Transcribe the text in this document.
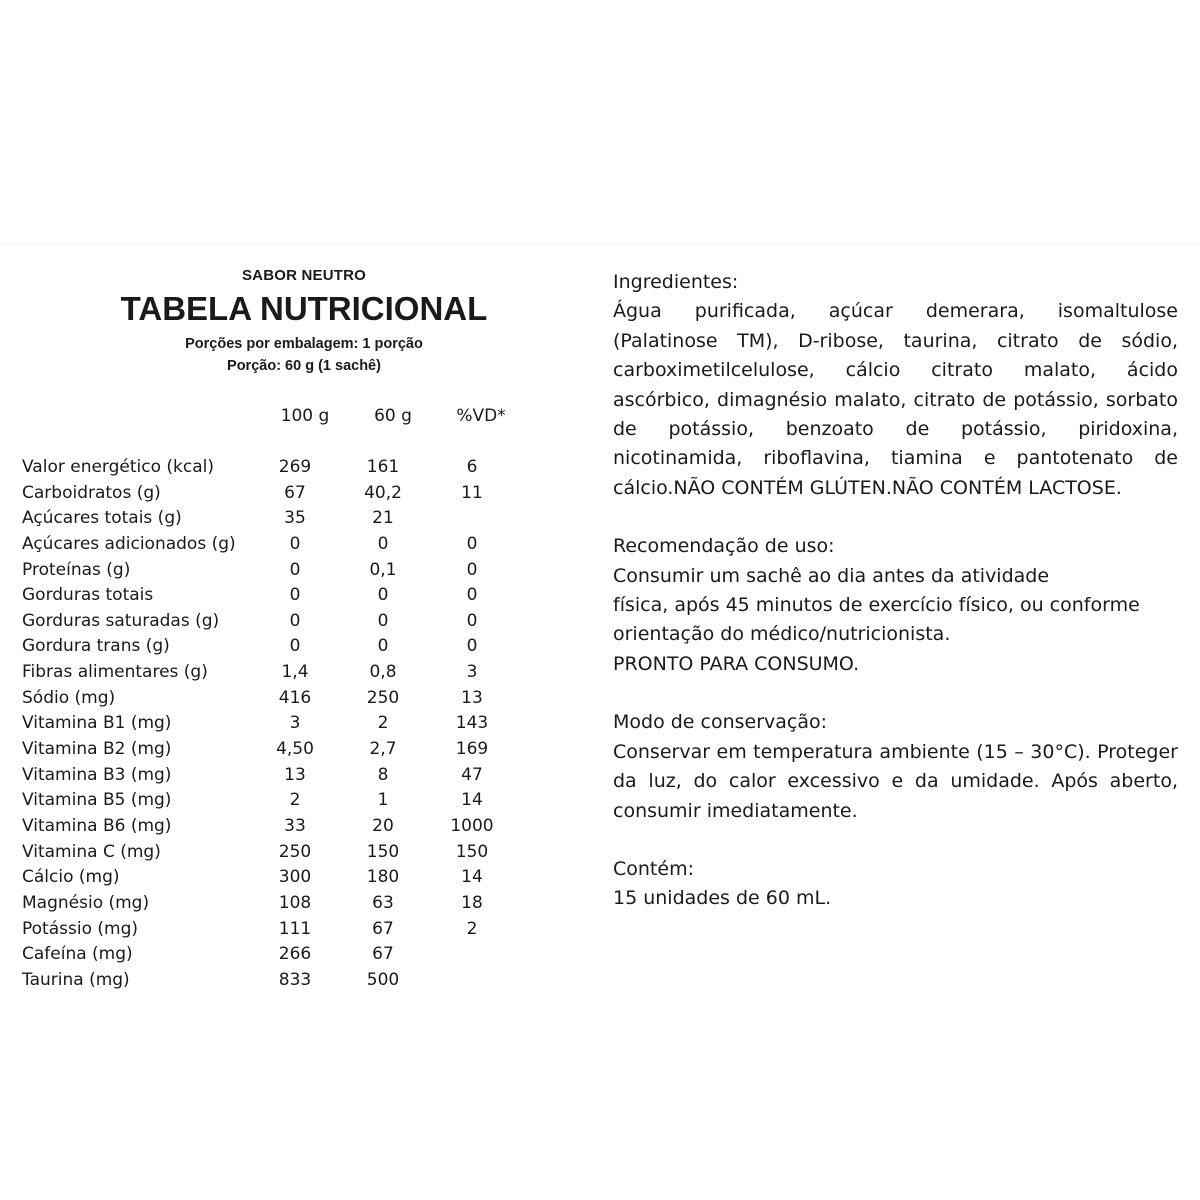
SABOR NEUTRO
TABELA NUTRICIONAL
Porções por embalagem: 1 porção
Porção: 60 g (1 sachê)
100 g	60 g	%VD*
Valor energético (kcal)	269	161	6
Carboidratos (g)	67	40,2	11
Açúcares totais (g)	35	21
Açúcares adicionados (g)	0	0	0
Proteínas (g)	0	0,1	0
Gorduras totais	0	0	0
Gorduras saturadas (g)	0	0	0
Gordura trans (g)	0	0	0
Fibras alimentares (g)	1,4	0,8	3
Sódio (mg)	416	250	13
Vitamina B1 (mg)	3	2	143
Vitamina B2 (mg)	4,50	2,7	169
Vitamina B3 (mg)	13	8	47
Vitamina B5 (mg)	2	1	14
Vitamina B6 (mg)	33	20	1000
Vitamina C (mg)	250	150	150
Cálcio (mg)	300	180	14
Magnésio (mg)	108	63	18
Potássio (mg)	111	67	2
Cafeína (mg)	266	67
Taurina (mg)	833	500

Ingredientes:

Água purificada, açúcar demerara, isomaltulose (Palatinose TM), D-ribose, taurina, citrato de sódio, carboximetilcelulose, cálcio citrato malato, ácido ascórbico, dimagnésio malato, citrato de potássio, sorbato de potássio, benzoato de potássio, piridoxina, nicotinamida, riboflavina, tiamina e pantotenato de cálcio.NÃO CONTÉM GLÚTEN.NÃO CONTÉM LACTOSE.

Recomendação de uso:

Consumir um sachê ao dia antes da atividade

física, após 45 minutos de exercício físico, ou conforme

orientação do médico/nutricionista.

PRONTO PARA CONSUMO.

Modo de conservação:

Conservar em temperatura ambiente (15 – 30°C). Proteger da luz, do calor excessivo e da umidade. Após aberto, consumir imediatamente.

Contém:

15 unidades de 60 mL.
